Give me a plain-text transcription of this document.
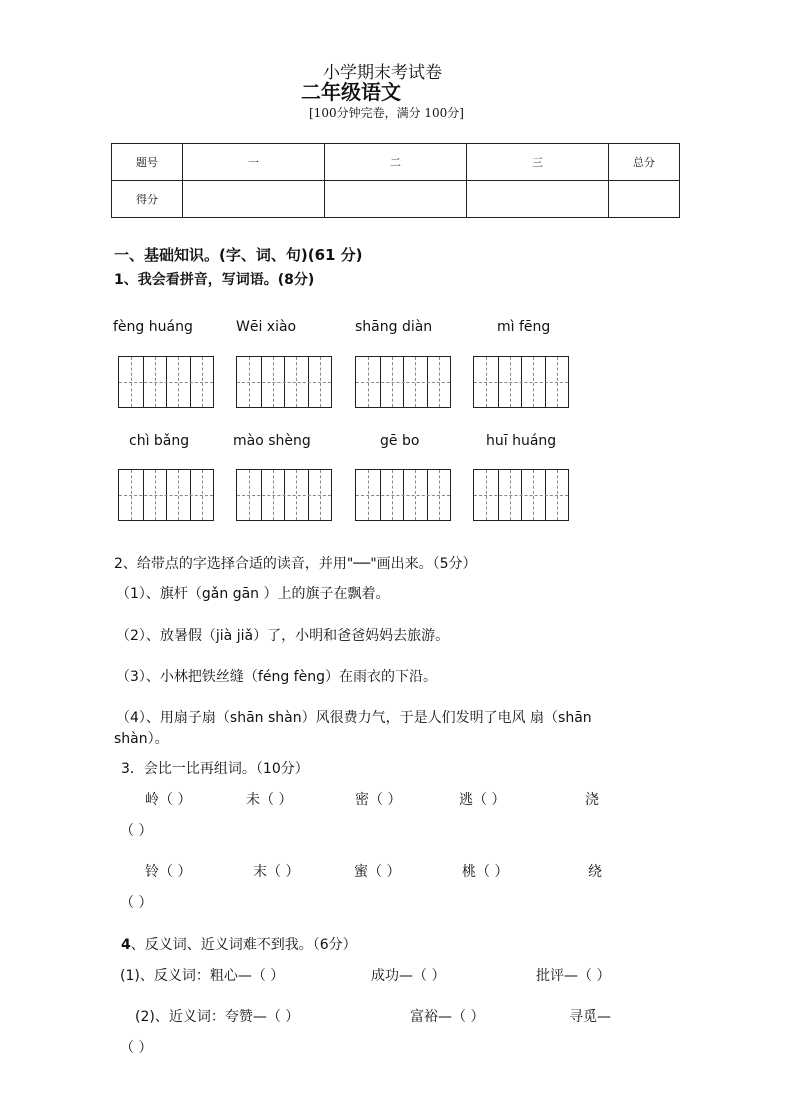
小学期末考试卷
二年级语文
[100分钟完卷，满分 100分]
题号	一	二	三	总分
得分				
一、基础知识。(字、词、句)(61 分)
1、我会看拼音，写词语。(8分)
fèng huáng	Wēi xiào	shāng diàn	mì fēng
chì bǎng	mào shèng	gē bo	huī huáng
2、给带点的字选择合适的读音，并用"──"画出来。（5分）
（1）、旗杆（gǎn gān ）上的旗子在飘着。
（2）、放暑假（jià jiǎ）了，小明和爸爸妈妈去旅游。
（3）、小林把铁丝缝（féng fèng）在雨衣的下沿。
（4）、用扇子扇（shān shàn）风很费力气，于是人们发明了电风 扇（shān
shàn）。
3．会比一比再组词。（10分）
岭（ ）	未（ ）	密（ ）	逃（ ）	浇
（ ）
铃（ ）	末（ ）	蜜（ ）	桃（ ）	绕
（ ）
4、反义词、近义词难不到我。（6分）
(1)、反义词：粗心—（ ）	成功—（ ）	批评—（ ）
(2)、近义词：夸赞—（ ）	富裕—（ ）	寻觅—
（ ）
